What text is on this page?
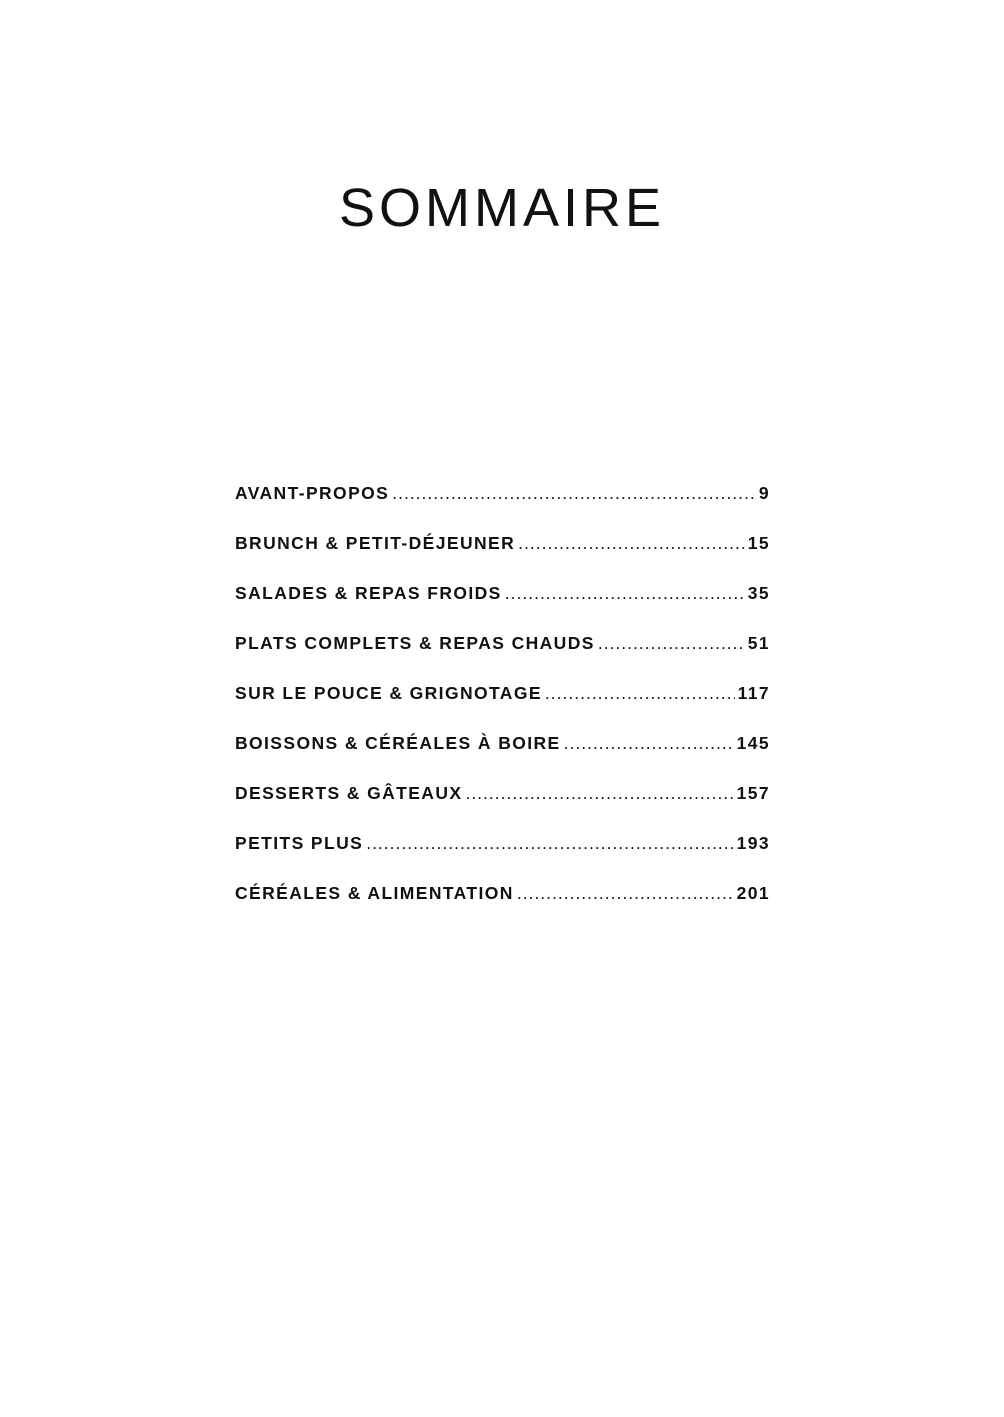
SOMMAIRE
AVANT-PROPOS .....	9
BRUNCH & PETIT-DÉJEUNER .....	15
SALADES & REPAS FROIDS .....	35
PLATS COMPLETS & REPAS CHAUDS .....	51
SUR LE POUCE & GRIGNOTAGE .....	117
BOISSONS & CÉRÉALES À BOIRE .....	145
DESSERTS & GÂTEAUX .....	157
PETITS PLUS .....	193
CÉRÉALES & ALIMENTATION .....	201
